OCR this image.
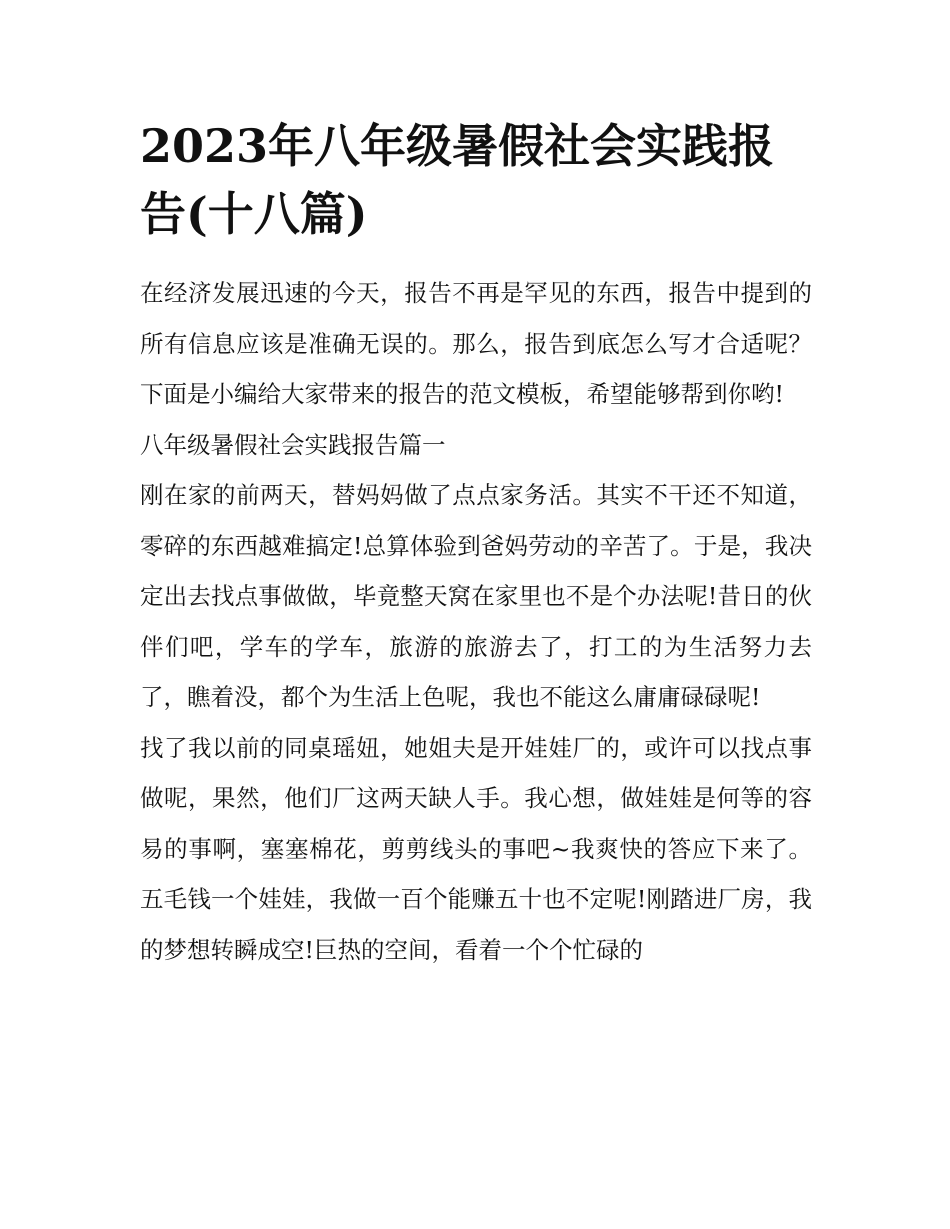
2023年八年级暑假社会实践报告(十八篇)

在经济发展迅速的今天，报告不再是罕见的东西，报告中提到的所有信息应该是准确无误的。那么，报告到底怎么写才合适呢？下面是小编给大家带来的报告的范文模板，希望能够帮到你哟!

八年级暑假社会实践报告篇一

刚在家的前两天，替妈妈做了点点家务活。其实不干还不知道，零碎的东西越难搞定!总算体验到爸妈劳动的辛苦了。于是，我决定出去找点事做做，毕竟整天窝在家里也不是个办法呢!昔日的伙伴们吧，学车的学车，旅游的旅游去了，打工的为生活努力去了，瞧着没，都个为生活上色呢，我也不能这么庸庸碌碌呢!

找了我以前的同桌瑶妞，她姐夫是开娃娃厂的，或许可以找点事做呢，果然，他们厂这两天缺人手。我心想，做娃娃是何等的容易的事啊，塞塞棉花，剪剪线头的事吧~我爽快的答应下来了。五毛钱一个娃娃，我做一百个能赚五十也不定呢!刚踏进厂房，我的梦想转瞬成空!巨热的空间，看着一个个忙碌的
